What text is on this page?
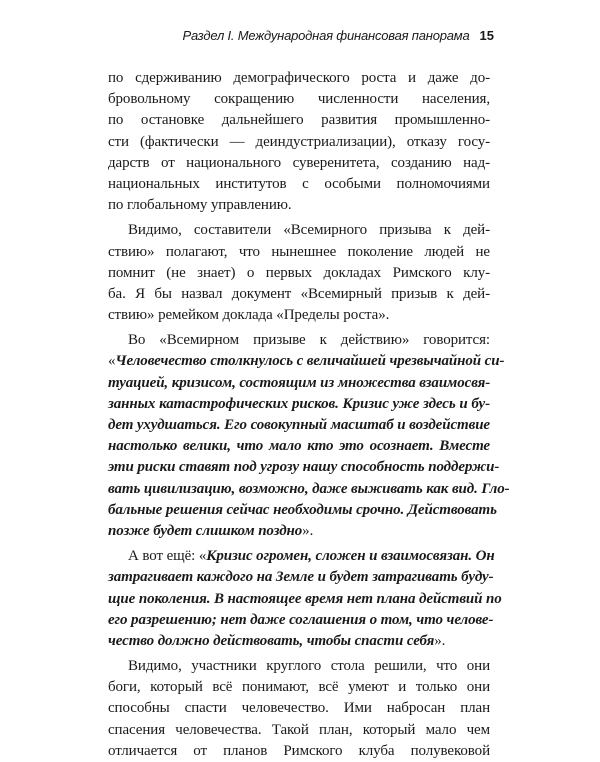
Раздел I. Международная финансовая панорама 15
по сдерживанию демографического роста и даже до-
бровольному сокращению численности населения,
по остановке дальнейшего развития промышленно-
сти (фактически — деиндустриализации), отказу госу-
дарств от национального суверенитета, созданию над-
национальных институтов с особыми полномочиями
по глобальному управлению.
Видимо, составители «Всемирного призыва к дей-
ствию» полагают, что нынешнее поколение людей не
помнит (не знает) о первых докладах Римского клу-
ба. Я бы назвал документ «Всемирный призыв к дей-
ствию» ремейком доклада «Пределы роста».
Во «Всемирном призыве к действию» говорится:
«Человечество столкнулось с величайшей чрезвычайной си-
туацией, кризисом, состоящим из множества взаимосвя-
занных катастрофических рисков. Кризис уже здесь и бу-
дет ухудшаться. Его совокупный масштаб и воздействие
настолько велики, что мало кто это осознает. Вместе
эти риски ставят под угрозу нашу способность поддержи-
вать цивилизацию, возможно, даже выживать как вид. Гло-
бальные решения сейчас необходимы срочно. Действовать
позже будет слишком поздно».
А вот ещё: «Кризис огромен, сложен и взаимосвязан. Он
затрагивает каждого на Земле и будет затрагивать буду-
щие поколения. В настоящее время нет плана действий по
его разрешению; нет даже соглашения о том, что челове-
чество должно действовать, чтобы спасти себя».
Видимо, участники круглого стола решили, что они
боги, который всё понимают, всё умеют и только они
способны спасти человечество. Ими набросан план
спасения человечества. Такой план, который мало чем
отличается от планов Римского клуба полувековой
